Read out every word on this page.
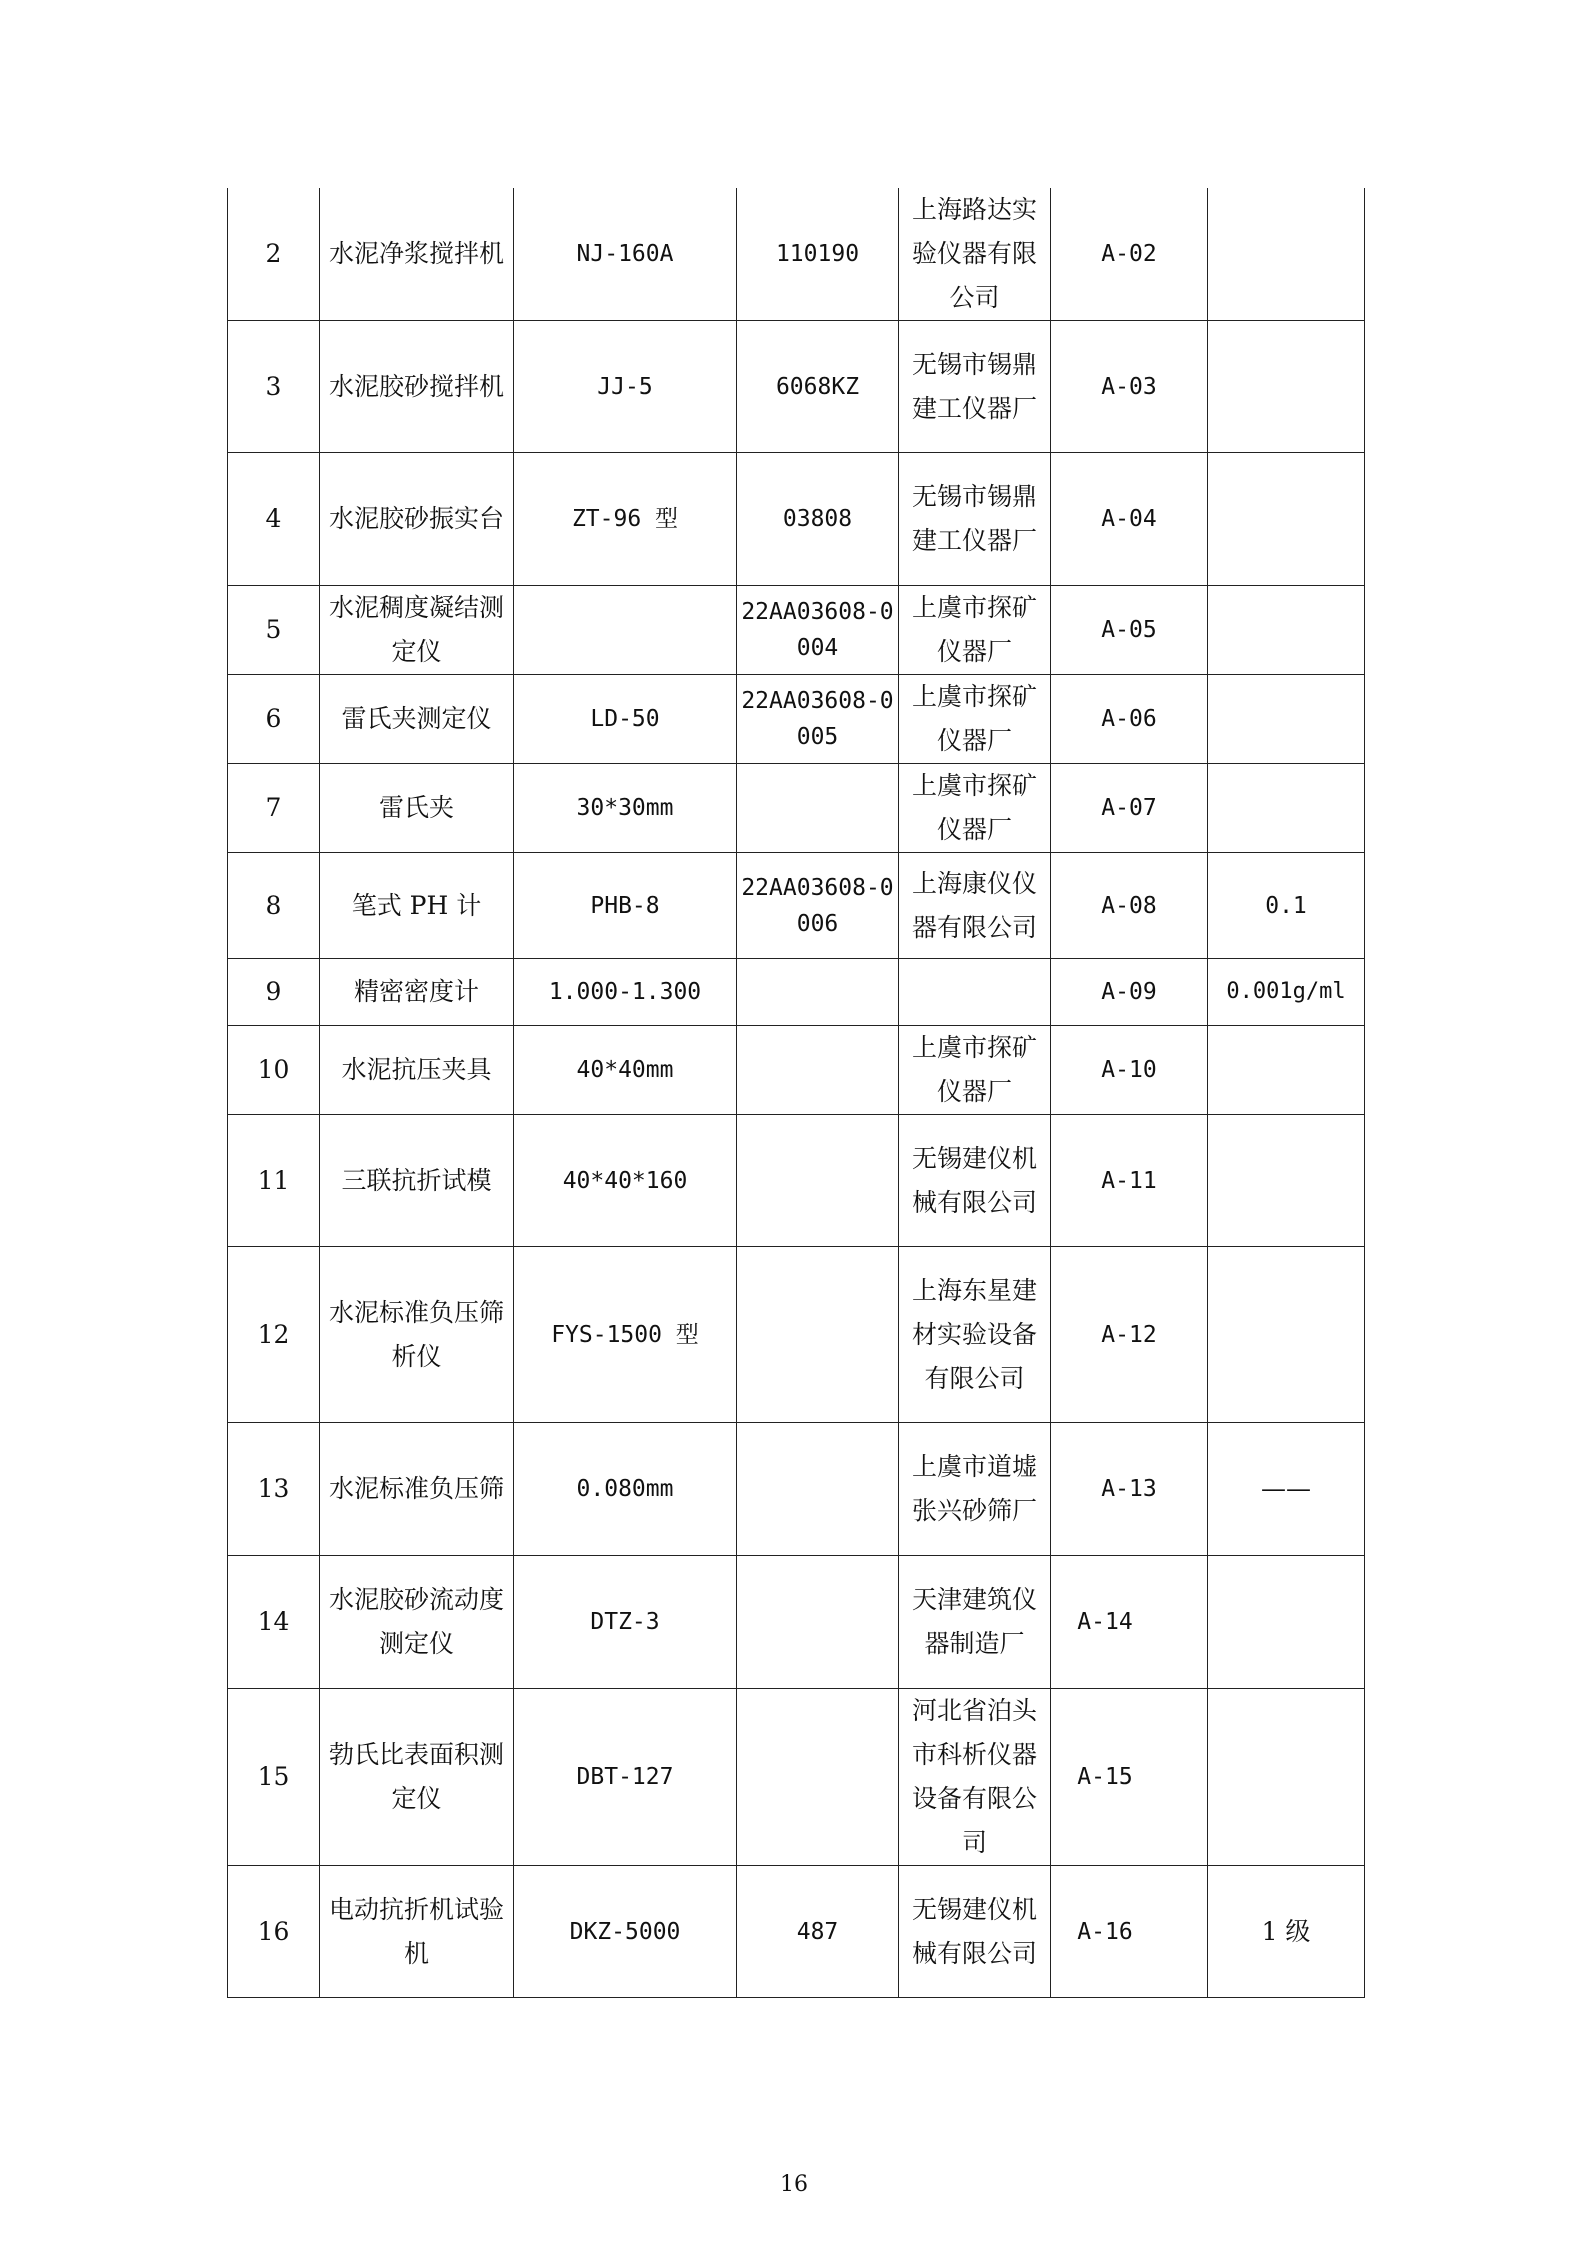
2	水泥净浆搅拌机	NJ-160A	110190	上海路达实验仪器有限公司	A-02	
3	水泥胶砂搅拌机	JJ-5	6068KZ	无锡市锡鼎建工仪器厂	A-03	
4	水泥胶砂振实台	ZT-96 型	03808	无锡市锡鼎建工仪器厂	A-04	
5	水泥稠度凝结测定仪		22AA03608-0004	上虞市探矿仪器厂	A-05	
6	雷氏夹测定仪	LD-50	22AA03608-0005	上虞市探矿仪器厂	A-06	
7	雷氏夹	30*30mm		上虞市探矿仪器厂	A-07	
8	笔式 PH 计	PHB-8	22AA03608-0006	上海康仪仪器有限公司	A-08	0.1
9	精密密度计	1.000-1.300			A-09	0.001g/ml
10	水泥抗压夹具	40*40mm		上虞市探矿仪器厂	A-10	
11	三联抗折试模	40*40*160		无锡建仪机械有限公司	A-11	
12	水泥标准负压筛析仪	FYS-1500 型		上海东星建材实验设备有限公司	A-12	
13	水泥标准负压筛	0.080mm		上虞市道墟张兴砂筛厂	A-13	——
14	水泥胶砂流动度测定仪	DTZ-3		天津建筑仪器制造厂	A-14	
15	勃氏比表面积测定仪	DBT-127		河北省泊头市科析仪器设备有限公司	A-15	
16	电动抗折机试验机	DKZ-5000	487	无锡建仪机械有限公司	A-16	1 级
16
